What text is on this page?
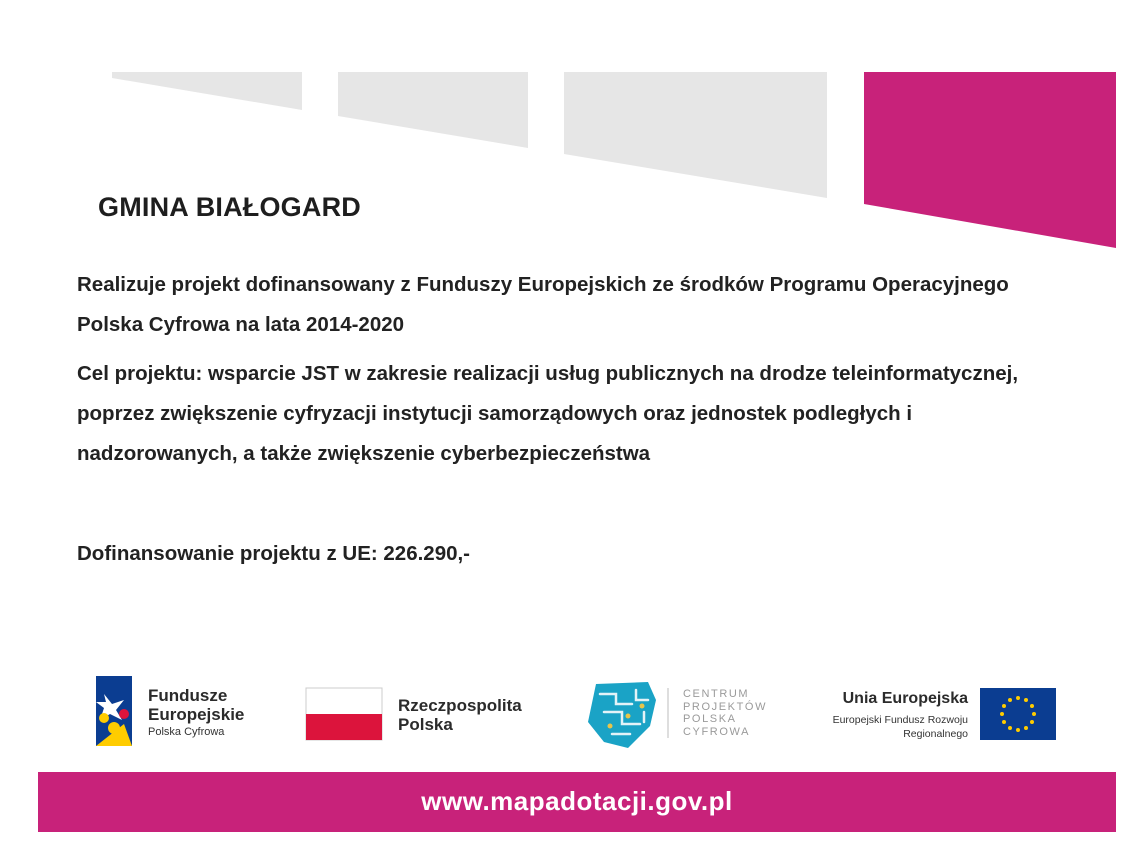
GMINA BIAŁOGARD

Realizuje projekt dofinansowany z Funduszy Europejskich ze środków Programu Operacyjnego Polska Cyfrowa na lata 2014-2020

Cel projektu: wsparcie JST w zakresie realizacji usług publicznych na drodze teleinformatycznej, poprzez zwiększenie cyfryzacji instytucji samorządowych oraz jednostek podległych i nadzorowanych, a także zwiększenie cyberbezpieczeństwa

Dofinansowanie projektu z UE: 226.290,-

Fundusze Europejskie

Polska Cyfrowa

Rzeczpospolita Polska

CENTRUM PROJEKTÓW POLSKA CYFROWA

Unia Europejska

Europejski Fundusz Rozwoju Regionalnego

www.mapadotacji.gov.pl
